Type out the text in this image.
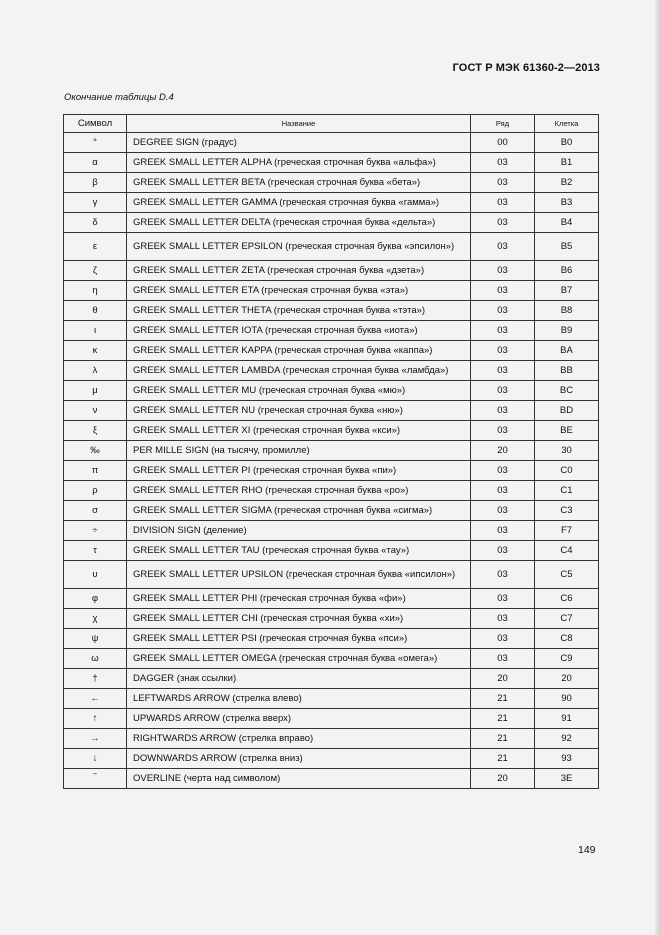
ГОСТ Р МЭК 61360-2—2013
Окончание таблицы D.4
Символ	Название	Ряд	Клетка
°	DEGREE SIGN (градус)	00	B0
α	GREEK SMALL LETTER ALPHA (греческая строчная буква «альфа»)	03	B1
β	GREEK SMALL LETTER BETA (греческая строчная буква «бета»)	03	B2
γ	GREEK SMALL LETTER GAMMA (греческая строчная буква «гамма»)	03	B3
δ	GREEK SMALL LETTER DELTA (греческая строчная буква «дельта»)	03	B4
ε	GREEK SMALL LETTER EPSILON (греческая строчная буква «эпсилон»)	03	B5
ζ	GREEK SMALL LETTER ZETA (греческая строчная буква «дзета»)	03	B6
η	GREEK SMALL LETTER ETA (греческая строчная буква «эта»)	03	B7
θ	GREEK SMALL LETTER THETA (греческая строчная буква «тэта»)	03	B8
ι	GREEK SMALL LETTER IOTA (греческая строчная буква «иота»)	03	B9
κ	GREEK SMALL LETTER KAPPA (греческая строчная буква «каппа»)	03	BA
λ	GREEK SMALL LETTER LAMBDA (греческая строчная буква «ламбда»)	03	BB
μ	GREEK SMALL LETTER MU (греческая строчная буква «мю»)	03	BC
ν	GREEK SMALL LETTER NU (греческая строчная буква «ню»)	03	BD
ξ	GREEK SMALL LETTER XI (греческая строчная буква «кси»)	03	BE
‰	PER MILLE SIGN (на тысячу, промилле)	20	30
π	GREEK SMALL LETTER PI (греческая строчная буква «пи»)	03	C0
ρ	GREEK SMALL LETTER RHO (греческая строчная буква «ро»)	03	C1
σ	GREEK SMALL LETTER SIGMA (греческая строчная буква «сигма»)	03	C3
÷	DIVISION SIGN (деление)	03	F7
τ	GREEK SMALL LETTER TAU (греческая строчная буква «тау»)	03	C4
υ	GREEK SMALL LETTER UPSILON (греческая строчная буква «ипсилон»)	03	C5
φ	GREEK SMALL LETTER PHI (греческая строчная буква «фи»)	03	C6
χ	GREEK SMALL LETTER CHI (греческая строчная буква «хи»)	03	C7
ψ	GREEK SMALL LETTER PSI (греческая строчная буква «пси»)	03	C8
ω	GREEK SMALL LETTER OMEGA (греческая строчная буква «омега»)	03	C9
†	DAGGER (знак ссылки)	20	20
←	LEFTWARDS ARROW (стрелка влево)	21	90
↑	UPWARDS ARROW (стрелка вверх)	21	91
→	RIGHTWARDS ARROW (стрелка вправо)	21	92
↓	DOWNWARDS ARROW (стрелка вниз)	21	93
‾	OVERLINE (черта над символом)	20	3E
149
